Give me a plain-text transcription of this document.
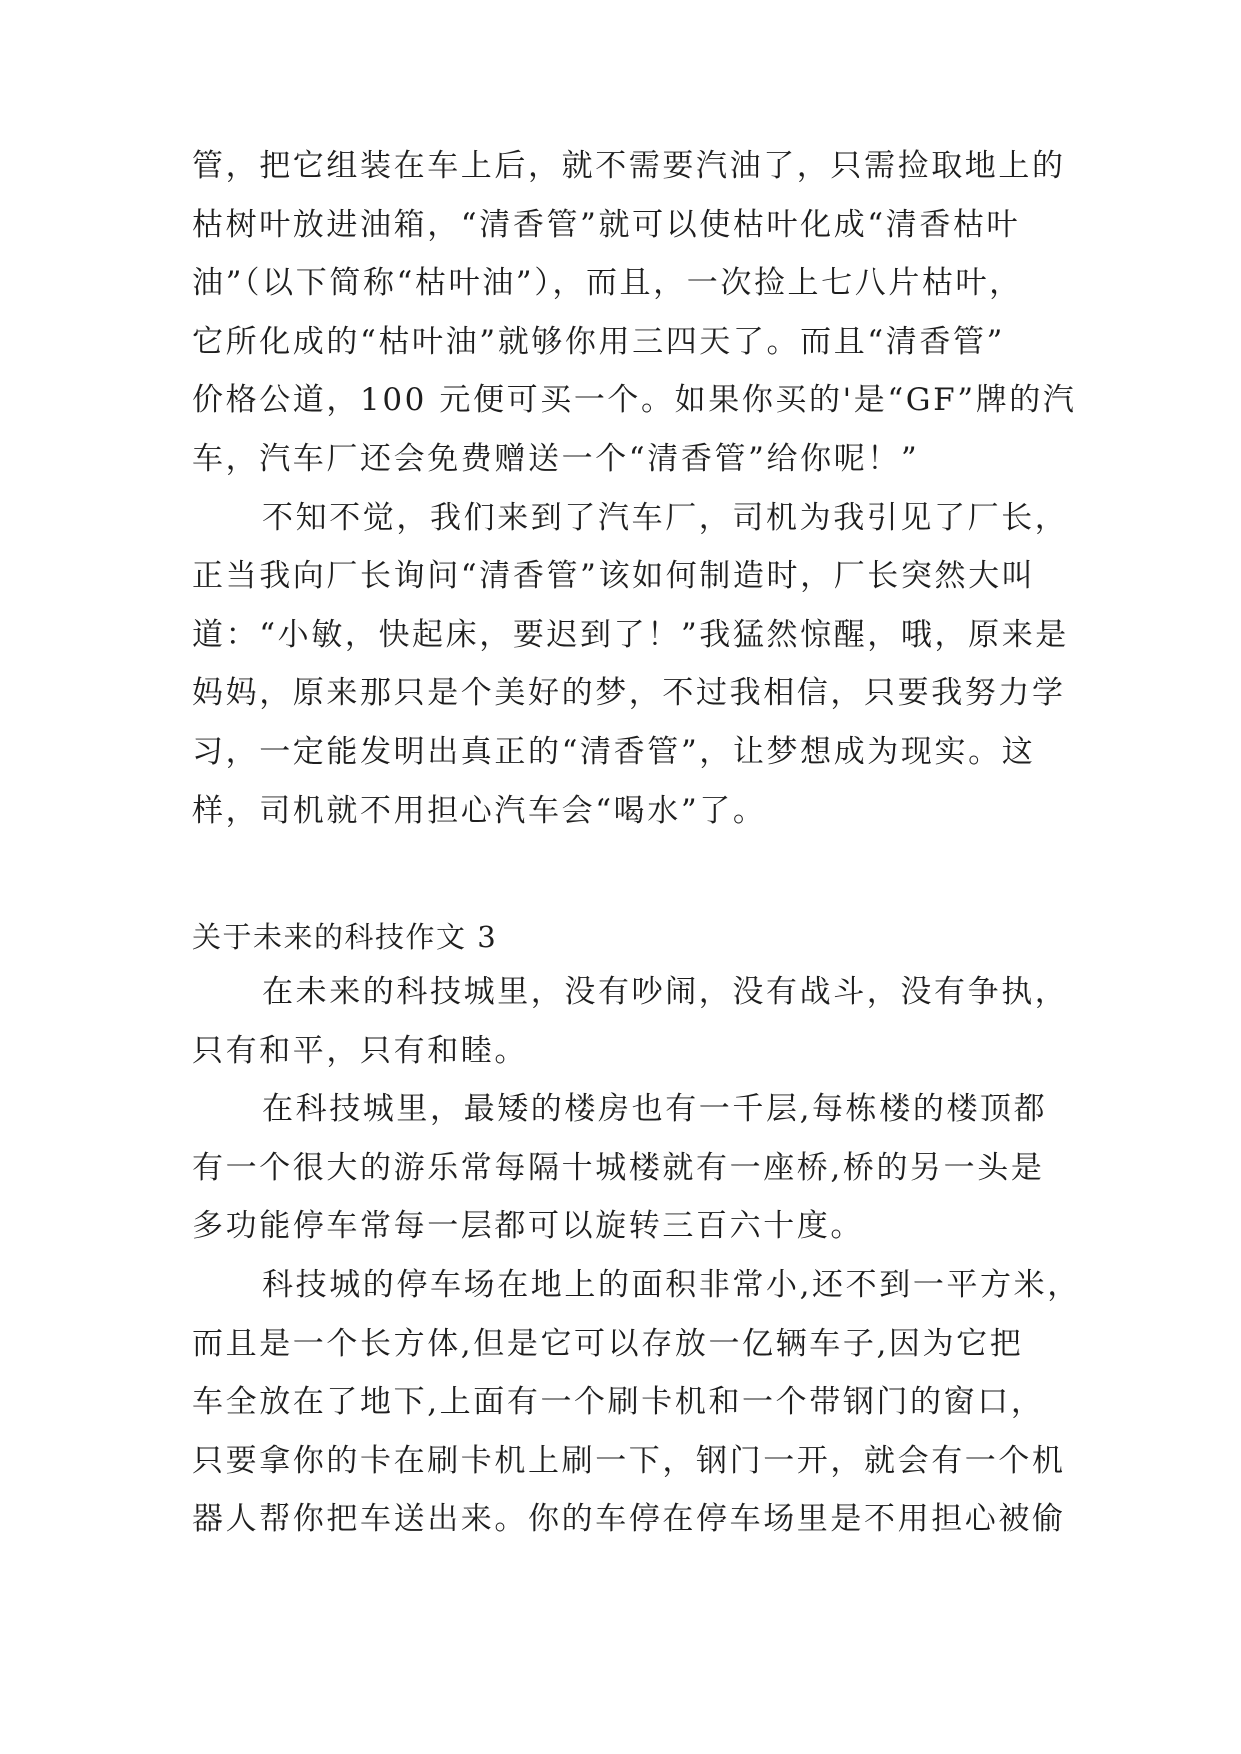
管，把它组装在车上后，就不需要汽油了，只需捡取地上的
枯树叶放进油箱，“清香管”就可以使枯叶化成“清香枯叶
油”（以下简称“枯叶油”），而且，一次捡上七八片枯叶，
它所化成的“枯叶油”就够你用三四天了。而且“清香管”
价格公道，100 元便可买一个。如果你买的'是“GF”牌的汽
车，汽车厂还会免费赠送一个“清香管”给你呢！”
不知不觉，我们来到了汽车厂，司机为我引见了厂长，
正当我向厂长询问“清香管”该如何制造时，厂长突然大叫
道：“小敏，快起床，要迟到了！”我猛然惊醒，哦，原来是
妈妈，原来那只是个美好的梦，不过我相信，只要我努力学
习，一定能发明出真正的“清香管”，让梦想成为现实。这
样，司机就不用担心汽车会“喝水”了。
关于未来的科技作文 3
在未来的科技城里，没有吵闹，没有战斗，没有争执，
只有和平，只有和睦。
在科技城里，最矮的楼房也有一千层,每栋楼的楼顶都
有一个很大的游乐常每隔十城楼就有一座桥,桥的另一头是
多功能停车常每一层都可以旋转三百六十度。
科技城的停车场在地上的面积非常小,还不到一平方米，
而且是一个长方体,但是它可以存放一亿辆车子,因为它把
车全放在了地下,上面有一个刷卡机和一个带钢门的窗口，
只要拿你的卡在刷卡机上刷一下，钢门一开，就会有一个机
器人帮你把车送出来。你的车停在停车场里是不用担心被偷
